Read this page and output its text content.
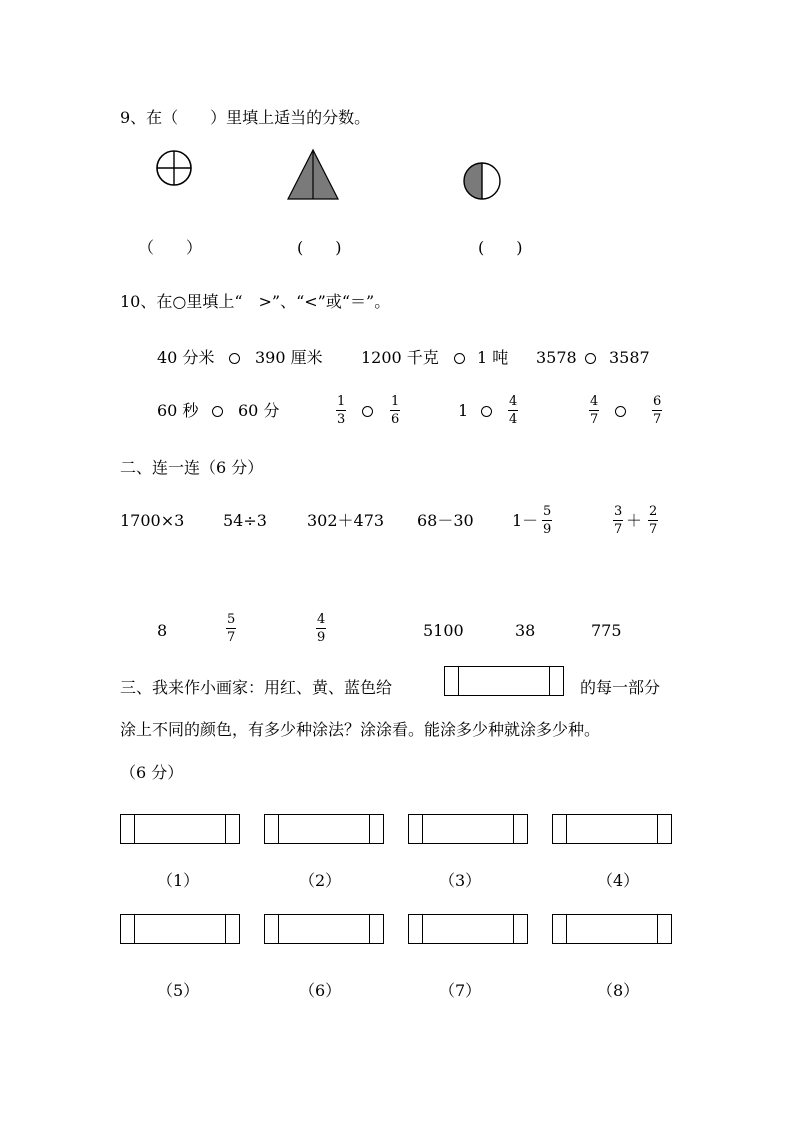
9、在（　　）里填上适当的分数。
（　　）	(　　)	(　　)
10、在○里填上“　>”、“<”或“＝”。
40 分米	390 厘米 1200 千克 1 吨 3578 3587
60 秒 60 分	$\frac{1}{3}$	$\frac{1}{6}$	1	$\frac{4}{4}$	$\frac{4}{7}$	$\frac{6}{7}$
二、连一连（6 分）
1700×3 54÷3	302＋473 68－30 $1- \frac{5}{9}$	$\frac{3}{7} + \frac{2}{7}$
8	$\frac{5}{7}$	$\frac{4}{9}$	5100	38	775
三、我来作小画家：用红、黄、蓝色给	的每一部分
涂上不同的颜色，有多少种涂法？涂涂看。能涂多少种就涂多少种。
（6 分）
（1）	（2）	（3）	（4）
（5）	（6）	（7）	（8）
